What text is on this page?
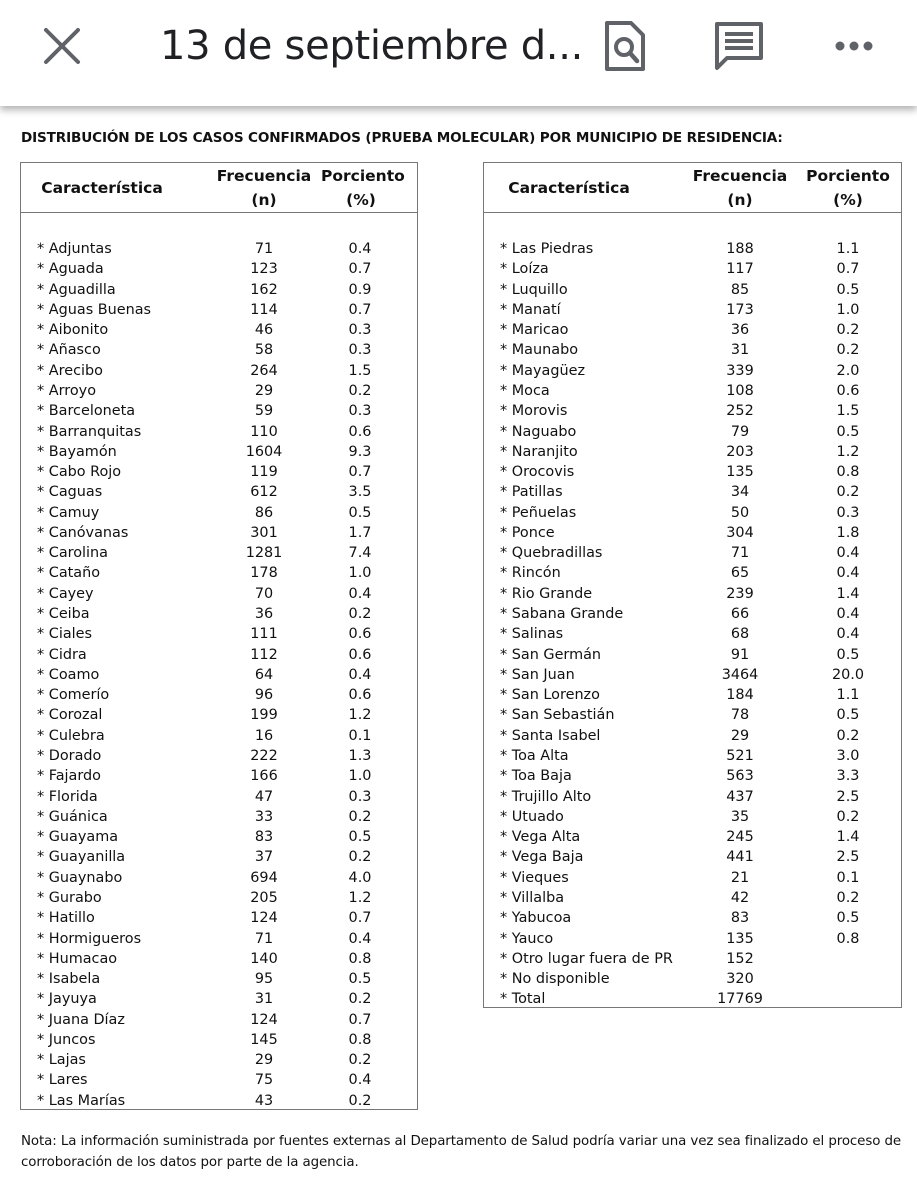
13 de septiembre d...
DISTRIBUCIÓN DE LOS CASOS CONFIRMADOS (PRUEBA MOLECULAR) POR MUNICIPIO DE RESIDENCIA:
Característica
Frecuencia
(n)
Porciento
(%)
* Adjuntas	71	0.4
* Aguada	123	0.7
* Aguadilla	162	0.9
* Aguas Buenas	114	0.7
* Aibonito	46	0.3
* Añasco	58	0.3
* Arecibo	264	1.5
* Arroyo	29	0.2
* Barceloneta	59	0.3
* Barranquitas	110	0.6
* Bayamón	1604	9.3
* Cabo Rojo	119	0.7
* Caguas	612	3.5
* Camuy	86	0.5
* Canóvanas	301	1.7
* Carolina	1281	7.4
* Cataño	178	1.0
* Cayey	70	0.4
* Ceiba	36	0.2
* Ciales	111	0.6
* Cidra	112	0.6
* Coamo	64	0.4
* Comerío	96	0.6
* Corozal	199	1.2
* Culebra	16	0.1
* Dorado	222	1.3
* Fajardo	166	1.0
* Florida	47	0.3
* Guánica	33	0.2
* Guayama	83	0.5
* Guayanilla	37	0.2
* Guaynabo	694	4.0
* Gurabo	205	1.2
* Hatillo	124	0.7
* Hormigueros	71	0.4
* Humacao	140	0.8
* Isabela	95	0.5
* Jayuya	31	0.2
* Juana Díaz	124	0.7
* Juncos	145	0.8
* Lajas	29	0.2
* Lares	75	0.4
* Las Marías	43	0.2
Característica
Frecuencia
(n)
Porciento
(%)
* Las Piedras	188	1.1
* Loíza	117	0.7
* Luquillo	85	0.5
* Manatí	173	1.0
* Maricao	36	0.2
* Maunabo	31	0.2
* Mayagüez	339	2.0
* Moca	108	0.6
* Morovis	252	1.5
* Naguabo	79	0.5
* Naranjito	203	1.2
* Orocovis	135	0.8
* Patillas	34	0.2
* Peñuelas	50	0.3
* Ponce	304	1.8
* Quebradillas	71	0.4
* Rincón	65	0.4
* Rio Grande	239	1.4
* Sabana Grande	66	0.4
* Salinas	68	0.4
* San Germán	91	0.5
* San Juan	3464	20.0
* San Lorenzo	184	1.1
* San Sebastián	78	0.5
* Santa Isabel	29	0.2
* Toa Alta	521	3.0
* Toa Baja	563	3.3
* Trujillo Alto	437	2.5
* Utuado	35	0.2
* Vega Alta	245	1.4
* Vega Baja	441	2.5
* Vieques	21	0.1
* Villalba	42	0.2
* Yabucoa	83	0.5
* Yauco	135	0.8
* Otro lugar fuera de PR	152
* No disponible	320
* Total	17769
Nota: La información suministrada por fuentes externas al Departamento de Salud podría variar una vez sea finalizado el proceso de corroboración de los datos por parte de la agencia.
